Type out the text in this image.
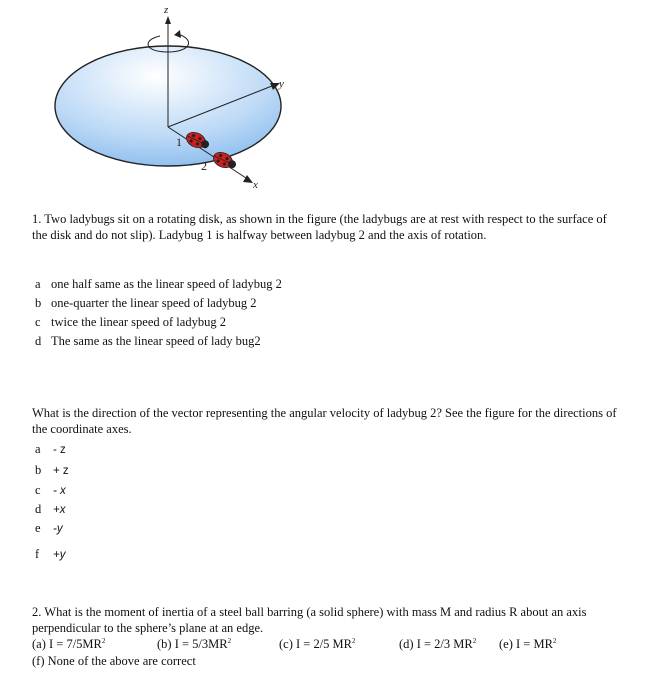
z
y
x
1
2
1. Two ladybugs sit on a rotating disk, as shown in the figure (the ladybugs are at rest with respect to the surface of the disk and do not slip). Ladybug 1 is halfway between ladybug 2 and the axis of rotation.
a one half same as the linear speed of ladybug 2
b one-quarter the linear speed of ladybug 2
c twice the linear speed of ladybug 2
d The same as the linear speed of lady bug2
What is the direction of the vector representing the angular velocity of ladybug 2? See the figure for the directions of the coordinate axes.
a - z
b + z
c - x
d +x
e -y
f +y
2. What is the moment of inertia of a steel ball barring (a solid sphere) with mass M and radius R about an axis perpendicular to the sphere’s plane at an edge.
(a) $I = 7/5MR^2$	(b) $I = 5/3MR^2$	(c) I = 2/5 $MR^2$	(d) I = 2/3 $MR^2$ (e) $I = MR^2$
(f) None of the above are correct
